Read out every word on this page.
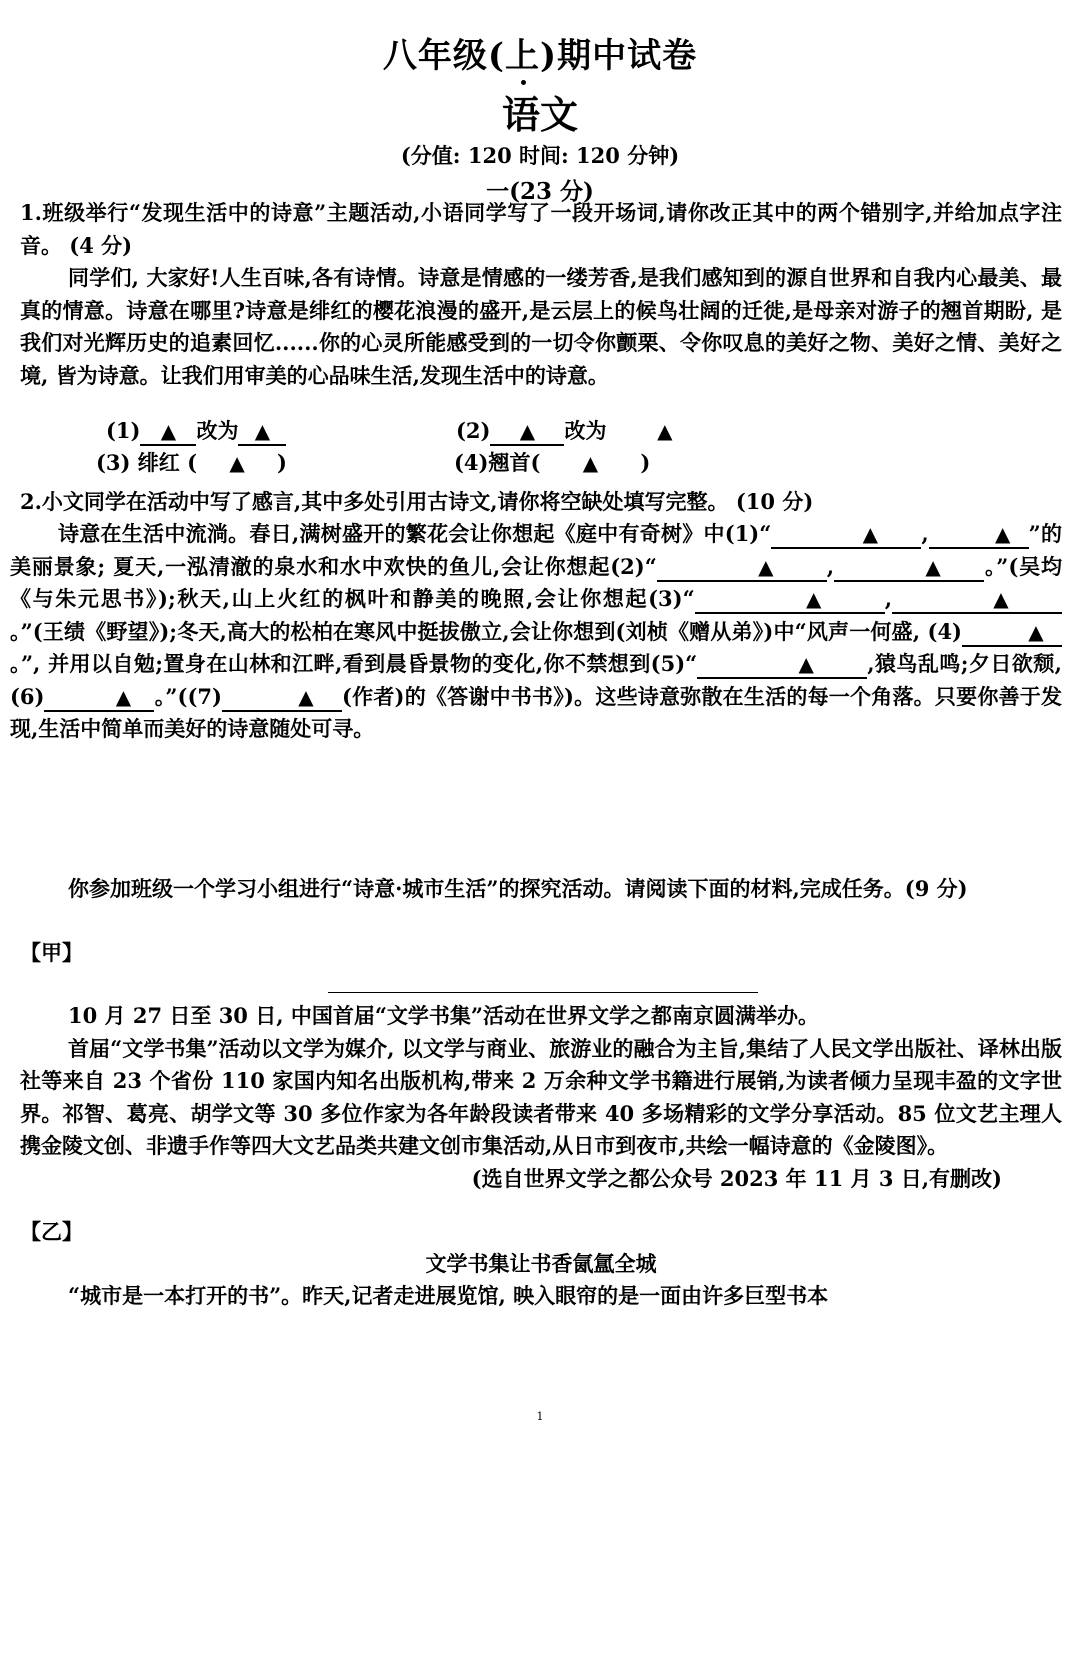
八年级(上)期中试卷
语文
(分值: 120 时间: 120 分钟)
一(23 分)

1.班级举行“发现生活中的诗意”主题活动,小语同学写了一段开场词,请你改正其中的两个错别字,并给加点字注音。 (4 分)

同学们, 大家好!人生百味,各有诗情。诗意是情感的一缕芳香,是我们感知到的源自世界和自我内心最美、最真的情意。诗意在哪里?诗意是绯红的樱花浪漫的盛开,是云层上的候鸟壮阔的迁徙,是母亲对游子的翘首期盼, 是我们对光辉历史的追素回忆......你的心灵所能感受到的一切令你颤栗、令你叹息的美好之物、美好之情、美好之境, 皆为诗意。让我们用审美的心品味生活,发现生活中的诗意。

(1) ▲ 改为 ▲	(2) ▲ 改为	▲
(3) 绯红 ( ▲ )	(4)翘首( ▲ )
2.小文同学在活动中写了感言,其中多处引用古诗文,请你将空缺处填写完整。 (10 分)

诗意在生活中流淌。春日,满树盛开的繁花会让你想起《庭中有奇树》中(1)“	▲ ,	▲ ”的美丽景象; 夏天,一泓清澈的泉水和水中欢快的鱼儿,会让你想起(2)“	▲	,	▲ 。”(吴均《与朱元思书》);秋天,山上火红的枫叶和静美的晚照,会让你想起(3)“	▲	,	▲。”(王绩《野望》);冬天,高大的松柏在寒风中挺拔傲立,会让你想到(刘桢《赠从弟》)中“风声一何盛, (4)	▲。”, 并用以自勉;置身在山林和江畔,看到晨昏景物的变化,你不禁想到(5)“	▲	,猿鸟乱鸣;夕日欲颓,(6)	▲ 。”((7)	▲ (作者)的《答谢中书书》)。这些诗意弥散在生活的每一个角落。只要你善于发现,生活中简单而美好的诗意随处可寻。

你参加班级一个学习小组进行“诗意·城市生活”的探究活动。请阅读下面的材料,完成任务。(9 分)

【甲】

10 月 27 日至 30 日, 中国首届“文学书集”活动在世界文学之都南京圆满举办。

首届“文学书集”活动以文学为媒介, 以文学与商业、旅游业的融合为主旨,集结了人民文学出版社、译林出版社等来自 23 个省份 110 家国内知名出版机构,带来 2 万余种文学书籍进行展销,为读者倾力呈现丰盈的文字世界。祁智、葛亮、胡学文等 30 多位作家为各年龄段读者带来 40 多场精彩的文学分享活动。85 位文艺主理人携金陵文创、非遗手作等四大文艺品类共建文创市集活动,从日市到夜市,共绘一幅诗意的《金陵图》。

(选自世界文学之都公众号 2023 年 11 月 3 日,有删改)

【乙】
文学书集让书香氤氲全城

“城市是一本打开的书”。昨天,记者走进展览馆, 映入眼帘的是一面由许多巨型书本

1
